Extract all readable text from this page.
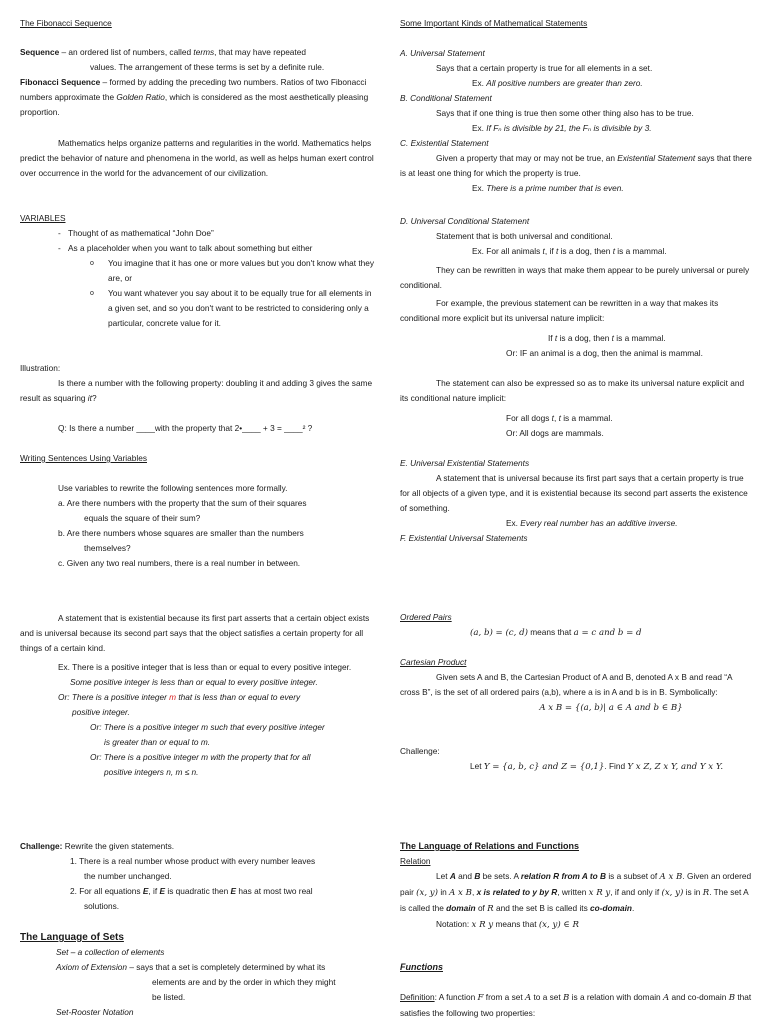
The Fibonacci Sequence

Sequence – an ordered list of numbers, called terms, that may have repeated

values. The arrangement of these terms is set by a definite rule.

Fibonacci Sequence – formed by adding the preceding two numbers. Ratios of two Fibonacci numbers approximate the Golden Ratio, which is considered as the most aesthetically pleasing proportion.

Mathematics helps organize patterns and regularities in the world. Mathematics helps predict the behavior of nature and phenomena in the world, as well as helps human exert control over occurrence in the world for the advancement of our civilization.

VARIABLES

- Thought of as mathematical “John Doe”

- As a placeholder when you want to talk about something but either

o You imagine that it has one or more values but you don't know what they are, or

o You want whatever you say about it to be equally true for all elements in a given set, and so you don't want to be restricted to considering only a particular, concrete value for it.

Illustration:

Is there a number with the following property: doubling it and adding 3 gives the same result as squaring it?

Q: Is there a number ____with the property that 2•____ + 3 = ____² ?

Writing Sentences Using Variables

Use variables to rewrite the following sentences more formally.

a. Are there numbers with the property that the sum of their squares

equals the square of their sum?

b. Are there numbers whose squares are smaller than the numbers

themselves?

c. Given any two real numbers, there is a real number in between.

A statement that is existential because its first part asserts that a certain object exists and is universal because its second part says that the object satisfies a certain property for all things of a certain kind.

Ex. There is a positive integer that is less than or equal to every positive integer.

Some positive integer is less than or equal to every positive integer.

Or: There is a positive integer m that is less than or equal to every

positive integer.

Or: There is a positive integer m such that every positive integer

is greater than or equal to m.

Or: There is a positive integer m with the property that for all

positive integers n, m ≤ n.

Challenge: Rewrite the given statements.

1. There is a real number whose product with every number leaves

the number unchanged.

2. For all equations E, if E is quadratic then E has at most two real

solutions.

The Language of Sets

Set – a collection of elements

Axiom of Extension – says that a set is completely determined by what its

elements are and by the order in which they might

be listed.

Set-Rooster Notation

Some Important Kinds of Mathematical Statements

A. Universal Statement

Says that a certain property is true for all elements in a set.

Ex. All positive numbers are greater than zero.

B. Conditional Statement

Says that if one thing is true then some other thing also has to be true.

Ex. If Fₙ is divisible by 21, the Fₙ is divisible by 3.

C. Existential Statement

Given a property that may or may not be true, an Existential Statement says that there is at least one thing for which the property is true.

Ex. There is a prime number that is even.

D. Universal Conditional Statement

Statement that is both universal and conditional.

Ex. For all animals t, if t is a dog, then t is a mammal.

They can be rewritten in ways that make them appear to be purely universal or purely conditional.

For example, the previous statement can be rewritten in a way that makes its conditional more explicit but its universal nature implicit:

If t is a dog, then t is a mammal.

Or: IF an animal is a dog, then the animal is mammal.

The statement can also be expressed so as to make its universal nature explicit and its conditional nature implicit:

For all dogs t, t is a mammal.

Or: All dogs are mammals.

E. Universal Existential Statements

A statement that is universal because its first part says that a certain property is true for all objects of a given type, and it is existential because its second part asserts the existence of something.

Ex. Every real number has an additive inverse.

F. Existential Universal Statements

Ordered Pairs

(a, b) = (c, d) means that a = c and b = d

Cartesian Product

Given sets A and B, the Cartesian Product of A and B, denoted A x B and read “A cross B”, is the set of all ordered pairs (a,b), where a is in A and b is in B. Symbolically:

A x B = {(a, b)| a ∈ A and b ∈ B}

Challenge:

Let Y = {a, b, c} and Z = {0,1}. Find Y x Z, Z x Y, and Y x Y.

The Language of Relations and Functions

Relation

Let A and B be sets. A relation R from A to B is a subset of A x B. Given an ordered pair (x, y) in A x B, x is related to y by R, written x R y, if and only if (x, y) is in R. The set A is called the domain of R and the set B is called its co-domain.

Notation: x R y means that (x, y) ∈ R

Functions

Definition: A function F from a set A to a set B is a relation with domain A and co-domain B that satisfies the following two properties:
